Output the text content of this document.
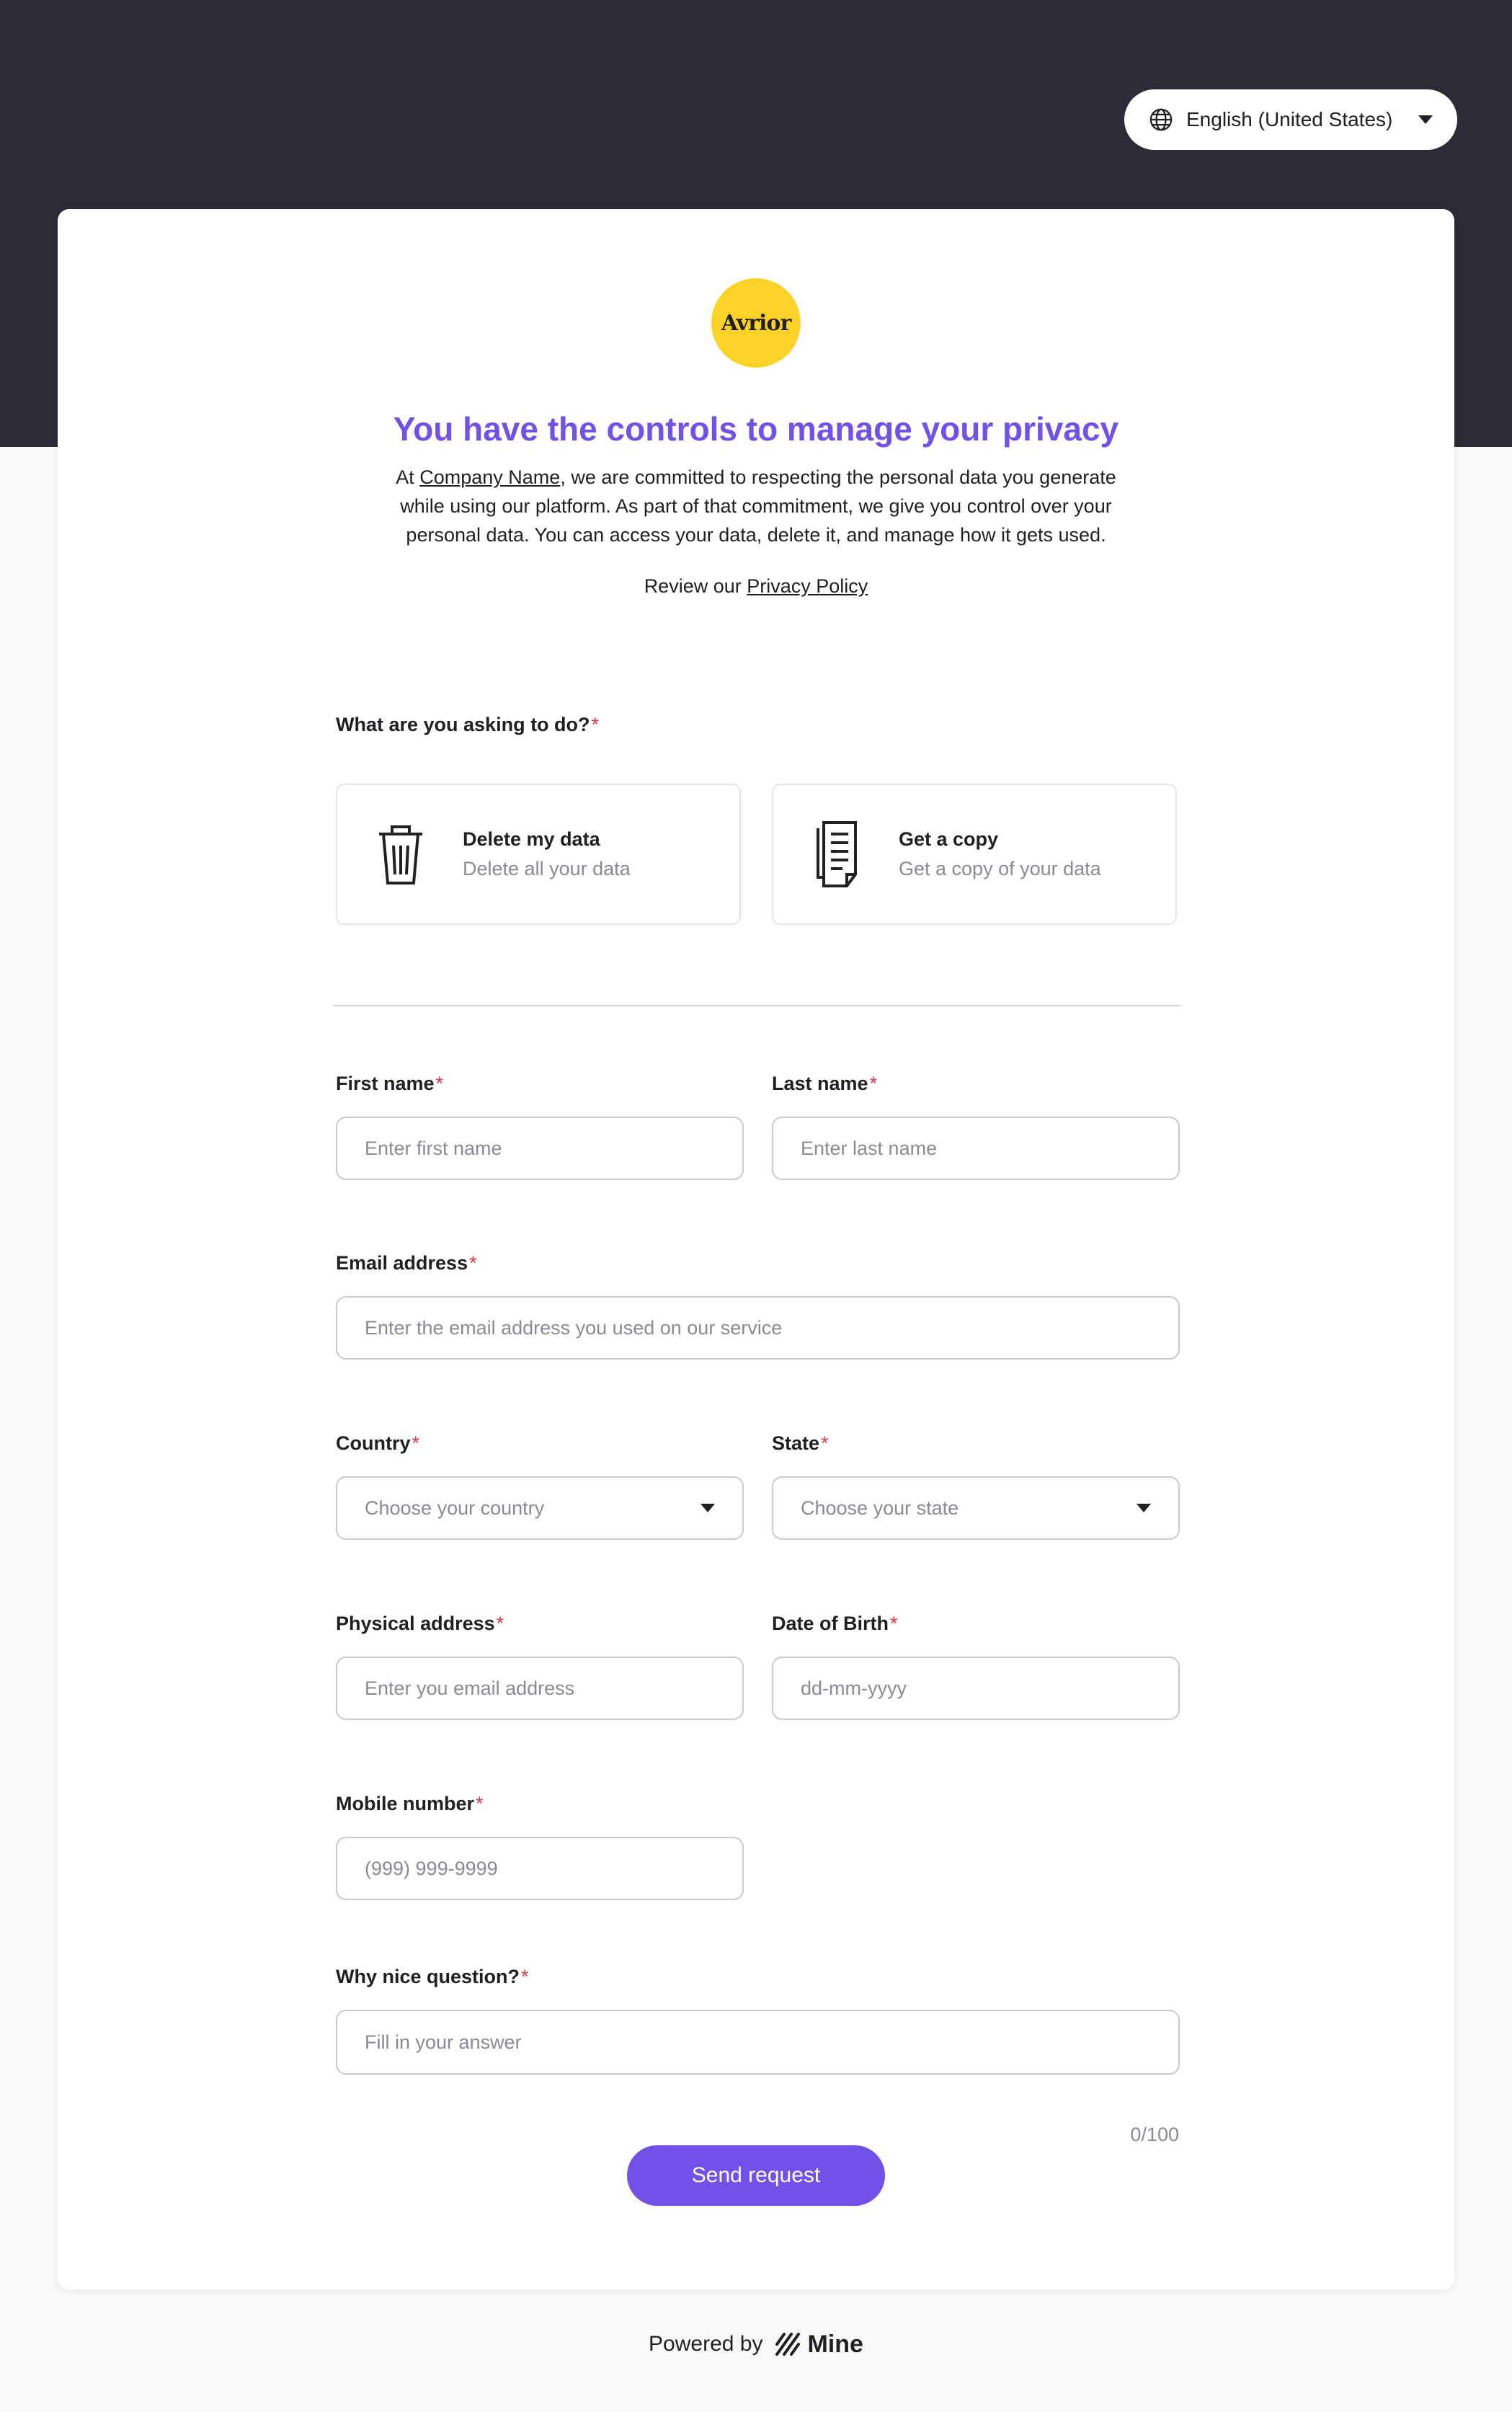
English (United States)
Avrior
You have the controls to manage your privacy

At Company Name, we are committed to respecting the personal data you generate while using our platform. As part of that commitment, we give you control over your personal data. You can access your data, delete it, and manage how it gets used.

Review our Privacy Policy

What are you asking to do?*
Delete my data
Delete all your data
Get a copy
Get a copy of your data
First name*
Enter first name
Last name*
Enter last name
Email address*
Enter the email address you used on our service
Country*
Choose your country
State*
Choose your state
Physical address*
Enter you email address
Date of Birth*
dd-mm-yyyy
Mobile number*
(999) 999-9999
Why nice question?*
Fill in your answer
0/100
Send request
Powered by Mine
